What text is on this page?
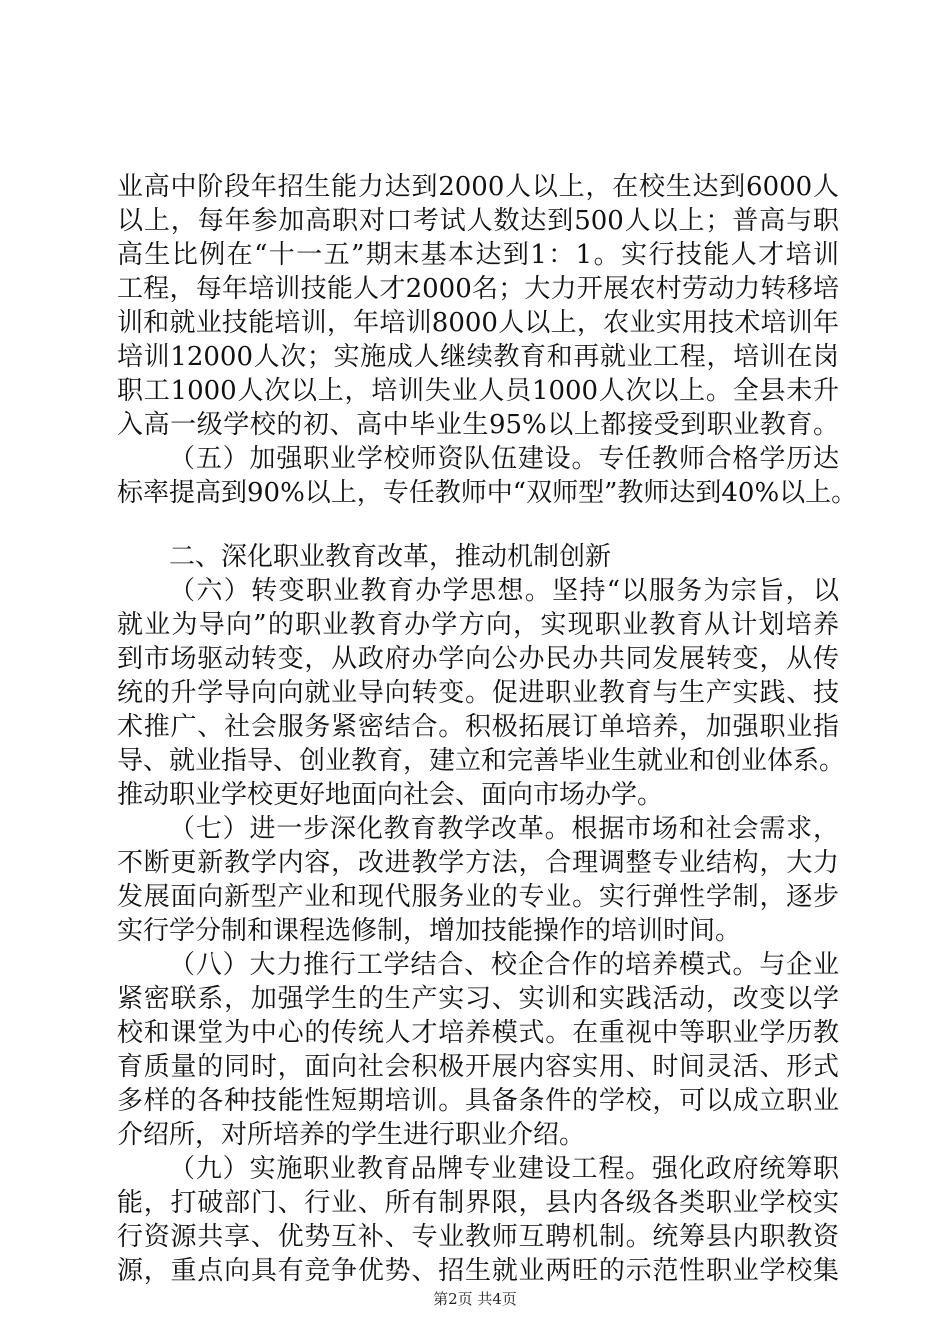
业高中阶段年招生能力达到2000人以上，在校生达到6000人
以上，每年参加高职对口考试人数达到500人以上；普高与职
高生比例在“十一五”期末基本达到1：1。实行技能人才培训
工程，每年培训技能人才2000名；大力开展农村劳动力转移培
训和就业技能培训，年培训8000人以上，农业实用技术培训年
培训12000人次；实施成人继续教育和再就业工程，培训在岗
职工1000人次以上，培训失业人员1000人次以上。全县未升
入高一级学校的初、高中毕业生95%以上都接受到职业教育。
（五）加强职业学校师资队伍建设。专任教师合格学历达
标率提高到90%以上，专任教师中“双师型”教师达到40%以上。
二、深化职业教育改革，推动机制创新
（六）转变职业教育办学思想。坚持“以服务为宗旨，以
就业为导向”的职业教育办学方向，实现职业教育从计划培养
到市场驱动转变，从政府办学向公办民办共同发展转变，从传
统的升学导向向就业导向转变。促进职业教育与生产实践、技
术推广、社会服务紧密结合。积极拓展订单培养，加强职业指
导、就业指导、创业教育，建立和完善毕业生就业和创业体系。
推动职业学校更好地面向社会、面向市场办学。
（七）进一步深化教育教学改革。根据市场和社会需求，
不断更新教学内容，改进教学方法，合理调整专业结构，大力
发展面向新型产业和现代服务业的专业。实行弹性学制，逐步
实行学分制和课程选修制，增加技能操作的培训时间。
（八）大力推行工学结合、校企合作的培养模式。与企业
紧密联系，加强学生的生产实习、实训和实践活动，改变以学
校和课堂为中心的传统人才培养模式。在重视中等职业学历教
育质量的同时，面向社会积极开展内容实用、时间灵活、形式
多样的各种技能性短期培训。具备条件的学校，可以成立职业
介绍所，对所培养的学生进行职业介绍。
（九）实施职业教育品牌专业建设工程。强化政府统筹职
能，打破部门、行业、所有制界限，县内各级各类职业学校实
行资源共享、优势互补、专业教师互聘机制。统筹县内职教资
源，重点向具有竞争优势、招生就业两旺的示范性职业学校集
第2页 共4页
